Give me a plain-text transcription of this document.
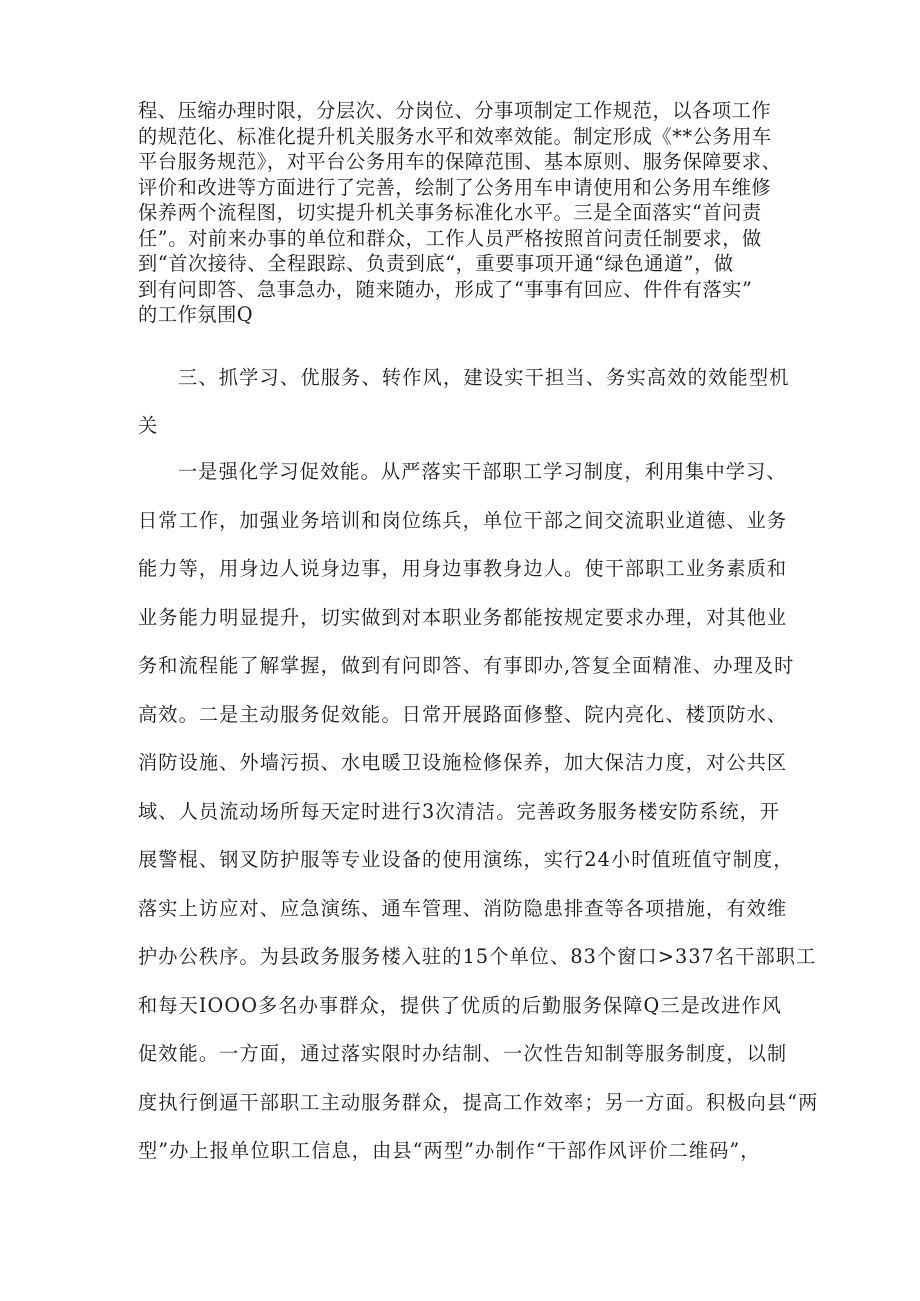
程、压缩办理时限，分层次、分岗位、分事项制定工作规范，以各项工作
的规范化、标准化提升机关服务水平和效率效能。制定形成《**公务用车
平台服务规范》，对平台公务用车的保障范围、基本原则、服务保障要求、
评价和改进等方面进行了完善，绘制了公务用车申请使用和公务用车维修
保养两个流程图，切实提升机关事务标准化水平。三是全面落实“首问责
任”。对前来办事的单位和群众，工作人员严格按照首问责任制要求，做
到“首次接待、全程跟踪、负责到底“，重要事项开通“绿色通道”，做
到有问即答、急事急办，随来随办，形成了“事事有回应、件件有落实”
的工作氛围Q
三、抓学习、优服务、转作风，建设实干担当、务实高效的效能型机
关
一是强化学习促效能。从严落实干部职工学习制度，利用集中学习、
日常工作，加强业务培训和岗位练兵，单位干部之间交流职业道德、业务
能力等，用身边人说身边事，用身边事教身边人。使干部职工业务素质和
业务能力明显提升，切实做到对本职业务都能按规定要求办理，对其他业
务和流程能了解掌握，做到有问即答、有事即办,答复全面精准、办理及时
高效。二是主动服务促效能。日常开展路面修整、院内亮化、楼顶防水、
消防设施、外墙污损、水电暖卫设施检修保养，加大保洁力度，对公共区
域、人员流动场所每天定时进行3次清洁。完善政务服务楼安防系统，开
展警棍、钢叉防护服等专业设备的使用演练，实行24小时值班值守制度，
落实上访应对、应急演练、通车管理、消防隐患排查等各项措施，有效维
护办公秩序。为县政务服务楼入驻的15个单位、83个窗口>337名干部职工
和每天IOOO多名办事群众，提供了优质的后勤服务保障Q三是改进作风
促效能。一方面，通过落实限时办结制、一次性告知制等服务制度，以制
度执行倒逼干部职工主动服务群众，提高工作效率；另一方面。积极向县“两
型”办上报单位职工信息，由县“两型”办制作“干部作风评价二维码”，
